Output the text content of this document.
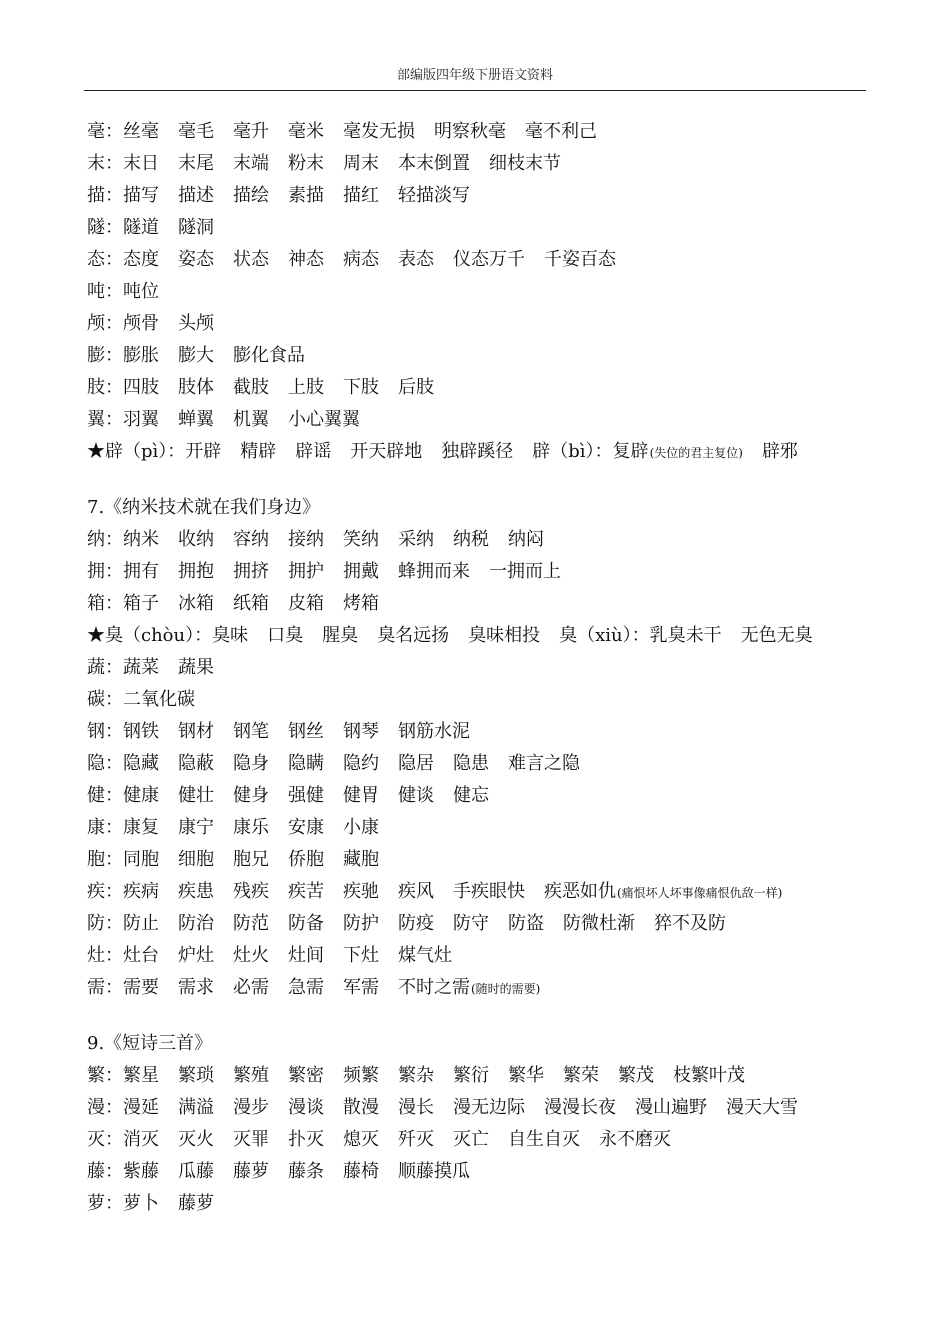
部编版四年级下册语文资料
毫：丝毫 毫毛 毫升 毫米 毫发无损 明察秋毫 毫不利己
末：末日 末尾 末端 粉末 周末 本末倒置 细枝末节
描：描写 描述 描绘 素描 描红 轻描淡写
隧：隧道 隧洞
态：态度 姿态 状态 神态 病态 表态 仪态万千 千姿百态
吨：吨位
颅：颅骨 头颅
膨：膨胀 膨大 膨化食品
肢：四肢 肢体 截肢 上肢 下肢 后肢
翼：羽翼 蝉翼 机翼 小心翼翼
★辟（pì）：开辟 精辟 辟谣 开天辟地 独辟蹊径 辟（bì）：复辟(失位的君主复位) 辟邪
7.《纳米技术就在我们身边》
纳：纳米 收纳 容纳 接纳 笑纳 采纳 纳税 纳闷
拥：拥有 拥抱 拥挤 拥护 拥戴 蜂拥而来 一拥而上
箱：箱子 冰箱 纸箱 皮箱 烤箱
★臭（chòu）：臭味 口臭 腥臭 臭名远扬 臭味相投 臭（xiù）：乳臭未干 无色无臭
蔬：蔬菜 蔬果
碳：二氧化碳
钢：钢铁 钢材 钢笔 钢丝 钢琴 钢筋水泥
隐：隐藏 隐蔽 隐身 隐瞒 隐约 隐居 隐患 难言之隐
健：健康 健壮 健身 强健 健胃 健谈 健忘
康：康复 康宁 康乐 安康 小康
胞：同胞 细胞 胞兄 侨胞 藏胞
疾：疾病 疾患 残疾 疾苦 疾驰 疾风 手疾眼快 疾恶如仇(痛恨坏人坏事像痛恨仇敌一样)
防：防止 防治 防范 防备 防护 防疫 防守 防盗 防微杜渐 猝不及防
灶：灶台 炉灶 灶火 灶间 下灶 煤气灶
需：需要 需求 必需 急需 军需 不时之需(随时的需要)
9.《短诗三首》
繁：繁星 繁琐 繁殖 繁密 频繁 繁杂 繁衍 繁华 繁荣 繁茂 枝繁叶茂
漫：漫延 满溢 漫步 漫谈 散漫 漫长 漫无边际 漫漫长夜 漫山遍野 漫天大雪
灭：消灭 灭火 灭罪 扑灭 熄灭 歼灭 灭亡 自生自灭 永不磨灭
藤：紫藤 瓜藤 藤萝 藤条 藤椅 顺藤摸瓜
萝：萝卜 藤萝
